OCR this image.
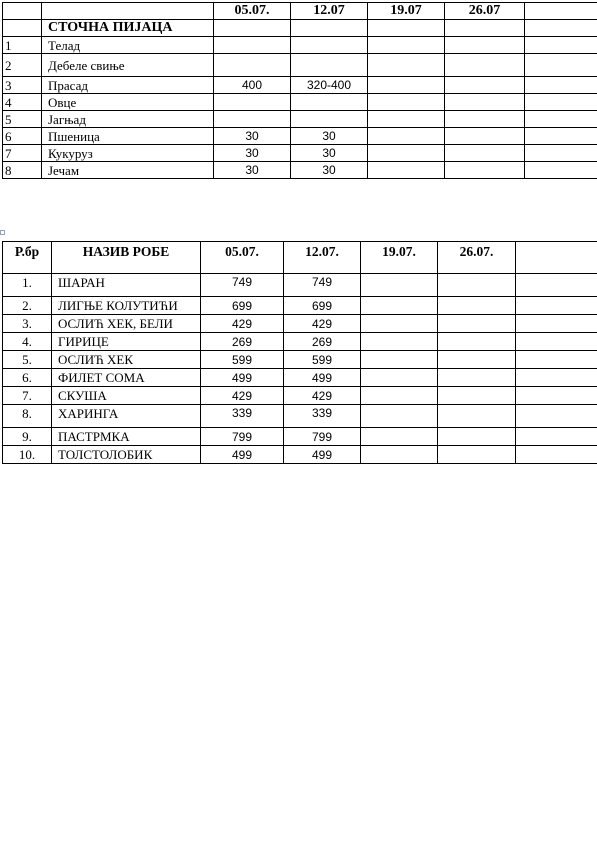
		05.07.	12.07	19.07	26.07	
	СТОЧНА ПИЈАЦА					
1	Телад					
2	Дебеле свиње					
3	Прасад	400	320-400			
4	Овце					
5	Јагњад					
6	Пшеница	30	30			
7	Кукуруз	30	30			
8	Јечам	30	30			
Р.бр	НАЗИВ РОБЕ	05.07.	12.07.	19.07.	26.07.	
1.	ШАРАН	749	749			
2.	ЛИГЊЕ КОЛУТИЋИ	699	699			
3.	ОСЛИЋ ХЕК, БЕЛИ	429	429			
4.	ГИРИЦЕ	269	269			
5.	ОСЛИЋ ХЕК	599	599			
6.	ФИЛЕТ СОМА	499	499			
7.	СКУША	429	429			
8.	ХАРИНГА	339	339			
9.	ПАСТРМКА	799	799			
10.	ТОЛСТОЛОБИК	499	499			
